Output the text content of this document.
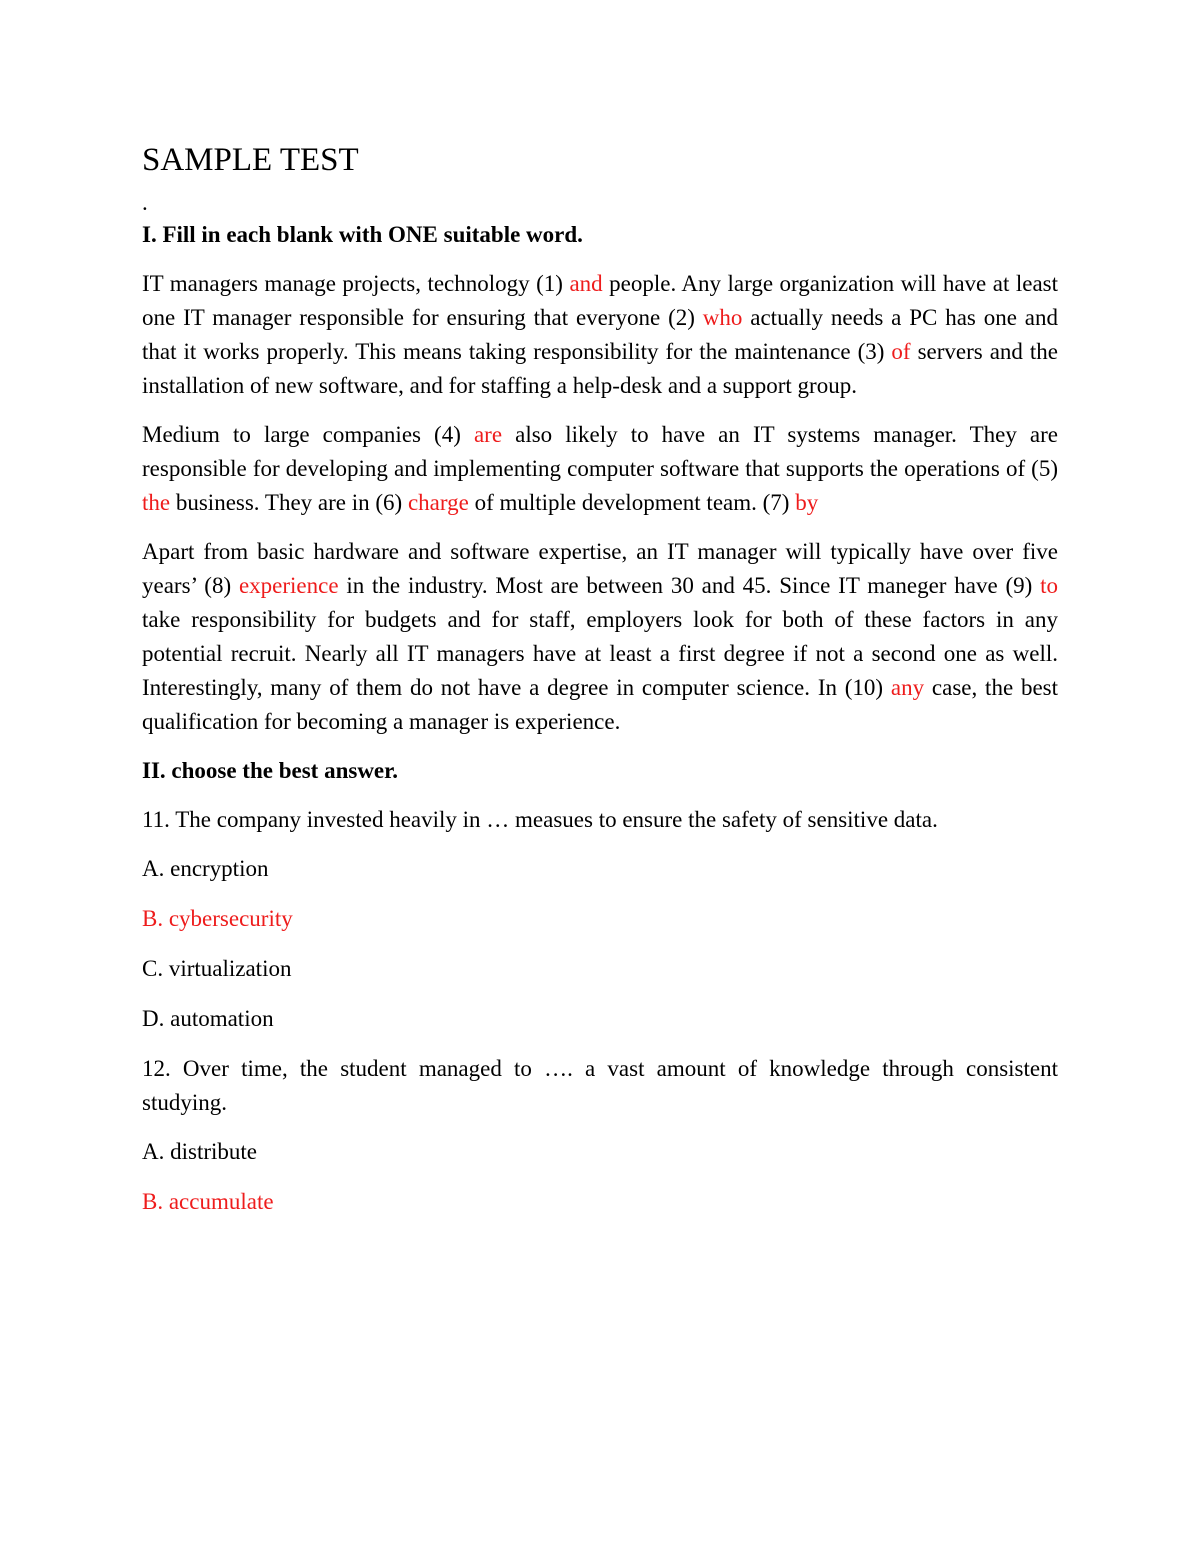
SAMPLE TEST
.
I. Fill in each blank with ONE suitable word.

IT managers manage projects, technology (1) and people. Any large organization will have at least one IT manager responsible for ensuring that everyone (2) who actually needs a PC has one and that it works properly. This means taking responsibility for the maintenance (3) of servers and the installation of new software, and for staffing a help-desk and a support group.

Medium to large companies (4) are also likely to have an IT systems manager. They are responsible for developing and implementing computer software that supports the operations of (5) the business. They are in (6) charge of multiple development team. (7) by

Apart from basic hardware and software expertise, an IT manager will typically have over five years’ (8) experience in the industry. Most are between 30 and 45. Since IT maneger have (9) to take responsibility for budgets and for staff, employers look for both of these factors in any potential recruit. Nearly all IT managers have at least a first degree if not a second one as well. Interestingly, many of them do not have a degree in computer science. In (10) any case, the best qualification for becoming a manager is experience.

II. choose the best answer.

11. The company invested heavily in … measues to ensure the safety of sensitive data.

A. encryption
B. cybersecurity
C. virtualization
D. automation

12. Over time, the student managed to …. a vast amount of knowledge through consistent studying.

A. distribute
B. accumulate
